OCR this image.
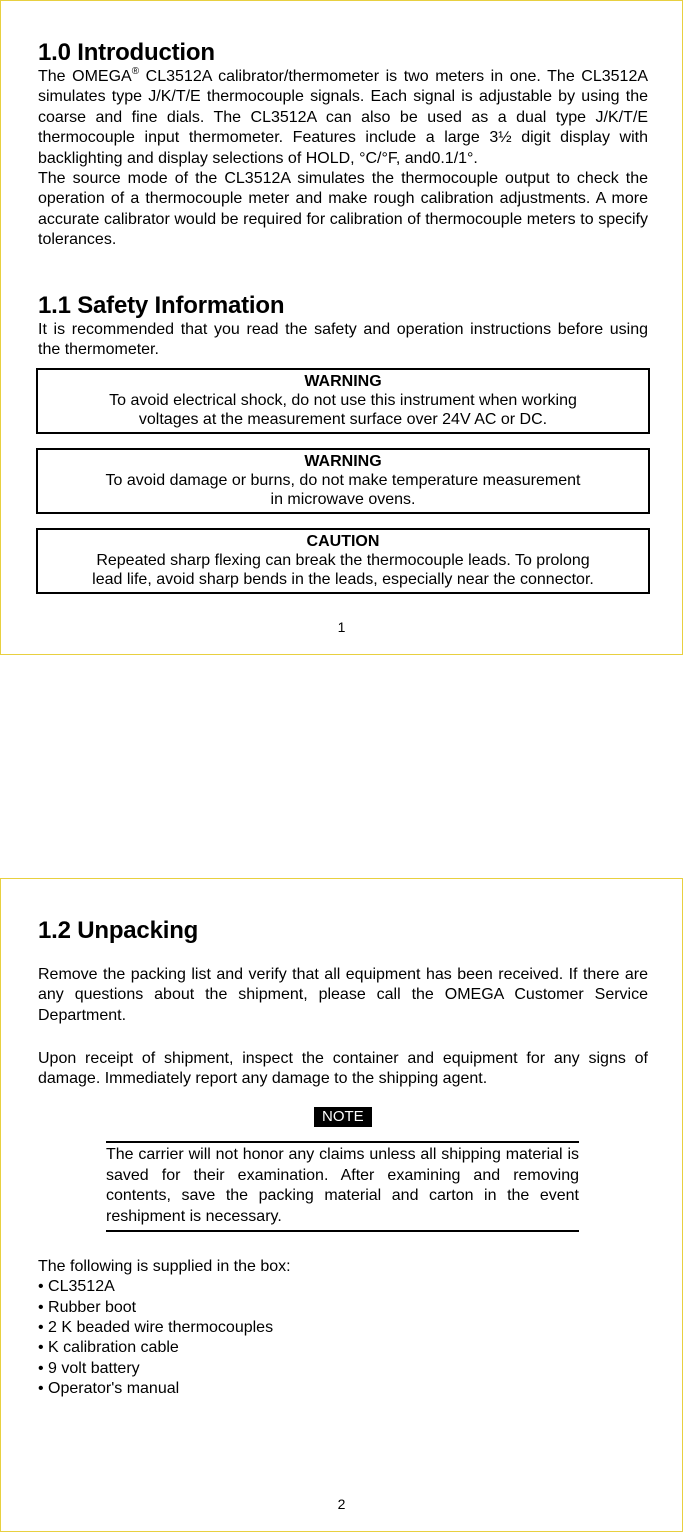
1.0 Introduction

The OMEGA® CL3512A calibrator/thermometer is two meters in one. The CL3512A simulates type J/K/T/E thermocouple signals. Each signal is adjustable by using the coarse and fine dials. The CL3512A can also be used as a dual type J/K/T/E thermocouple input thermometer. Features include a large 3½ digit display with backlighting and display selections of HOLD, °C/°F, and0.1/1°.

The source mode of the CL3512A simulates the thermocouple output to check the operation of a thermocouple meter and make rough calibration adjustments. A more accurate calibrator would be required for calibration of thermocouple meters to specify tolerances.

1.1 Safety Information

It is recommended that you read the safety and operation instructions before using the thermometer.

WARNING
To avoid electrical shock, do not use this instrument when working
voltages at the measurement surface over 24V AC or DC.
WARNING
To avoid damage or burns, do not make temperature measurement
in microwave ovens.
CAUTION
Repeated sharp flexing can break the thermocouple leads. To prolong
lead life, avoid sharp bends in the leads, especially near the connector.
1
1.2 Unpacking

Remove the packing list and verify that all equipment has been received. If there are any questions about the shipment, please call the OMEGA Customer Service Department.

Upon receipt of shipment, inspect the container and equipment for any signs of damage. Immediately report any damage to the shipping agent.

NOTE

The carrier will not honor any claims unless all shipping material is saved for their examination. After examining and removing contents, save the packing material and carton in the event reshipment is necessary.

The following is supplied in the box:

• CL3512A
• Rubber boot
• 2 K beaded wire thermocouples
• K calibration cable
• 9 volt battery
• Operator's manual
2
